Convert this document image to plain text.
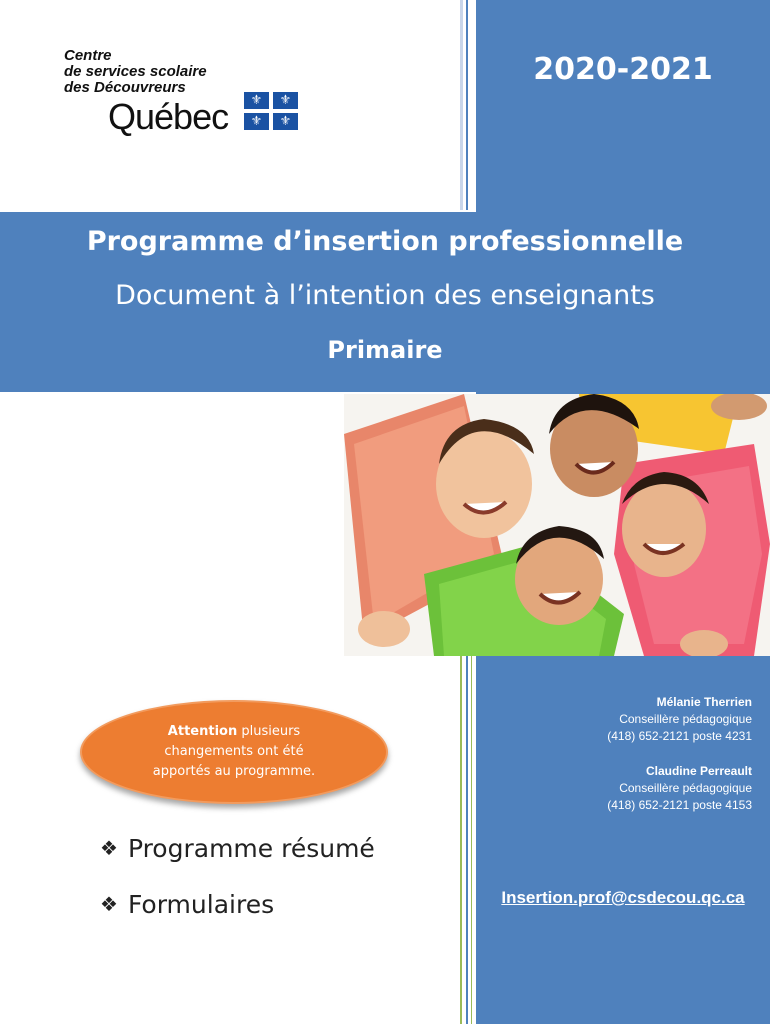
2020-2021
Centre
de services scolaire
des Découvreurs
Québec	⚜	⚜
⚜	⚜
Programme d’insertion professionnelle
Document à l’intention des enseignants
Primaire
Attention plusieurs
changements ont été
apportés au programme.
❖ Programme résumé
❖ Formulaires
Mélanie Therrien
Conseillère pédagogique
(418) 652-2121 poste 4231
Claudine Perreault
Conseillère pédagogique
(418) 652-2121 poste 4153
Insertion.prof@csdecou.qc.ca
